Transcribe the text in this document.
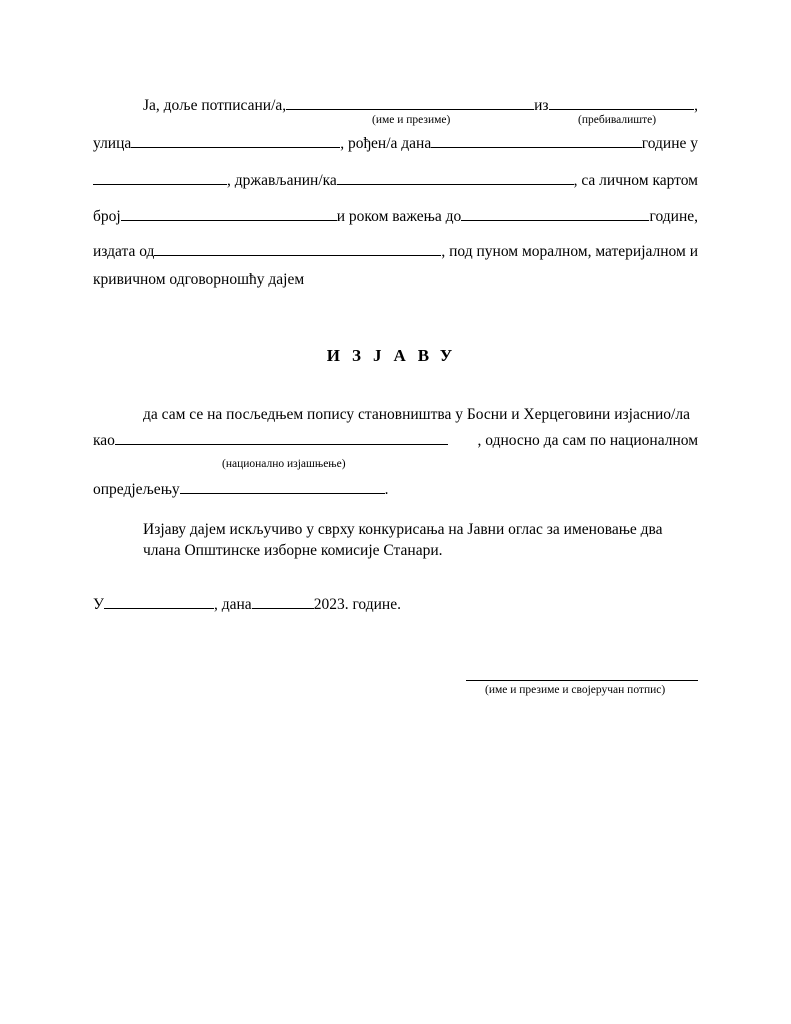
Ја, доље потписани/а,	из	,
(име и презиме)	(пребивалиште)
улица	, рођен/а дана	године у
, држављанин/ка	, са личном картом
број	и роком важења до	године,
издата од	, под пуном моралном, материјалном и
кривичном одговорношћу дајем
ИЗЈАВУ
да сам се на посљедњем попису становништва у Босни и Херцеговини изјаснио/ла
као	, односно да сам по националном
(национално изјашњење)
опредјељењу	.
Изјаву дајем искључиво у сврху конкурисања на Јавни оглас за именовање два
члана Општинске изборне комисије Станари.
У	, дана	2023. године.
(име и презиме и својеручан потпис)
